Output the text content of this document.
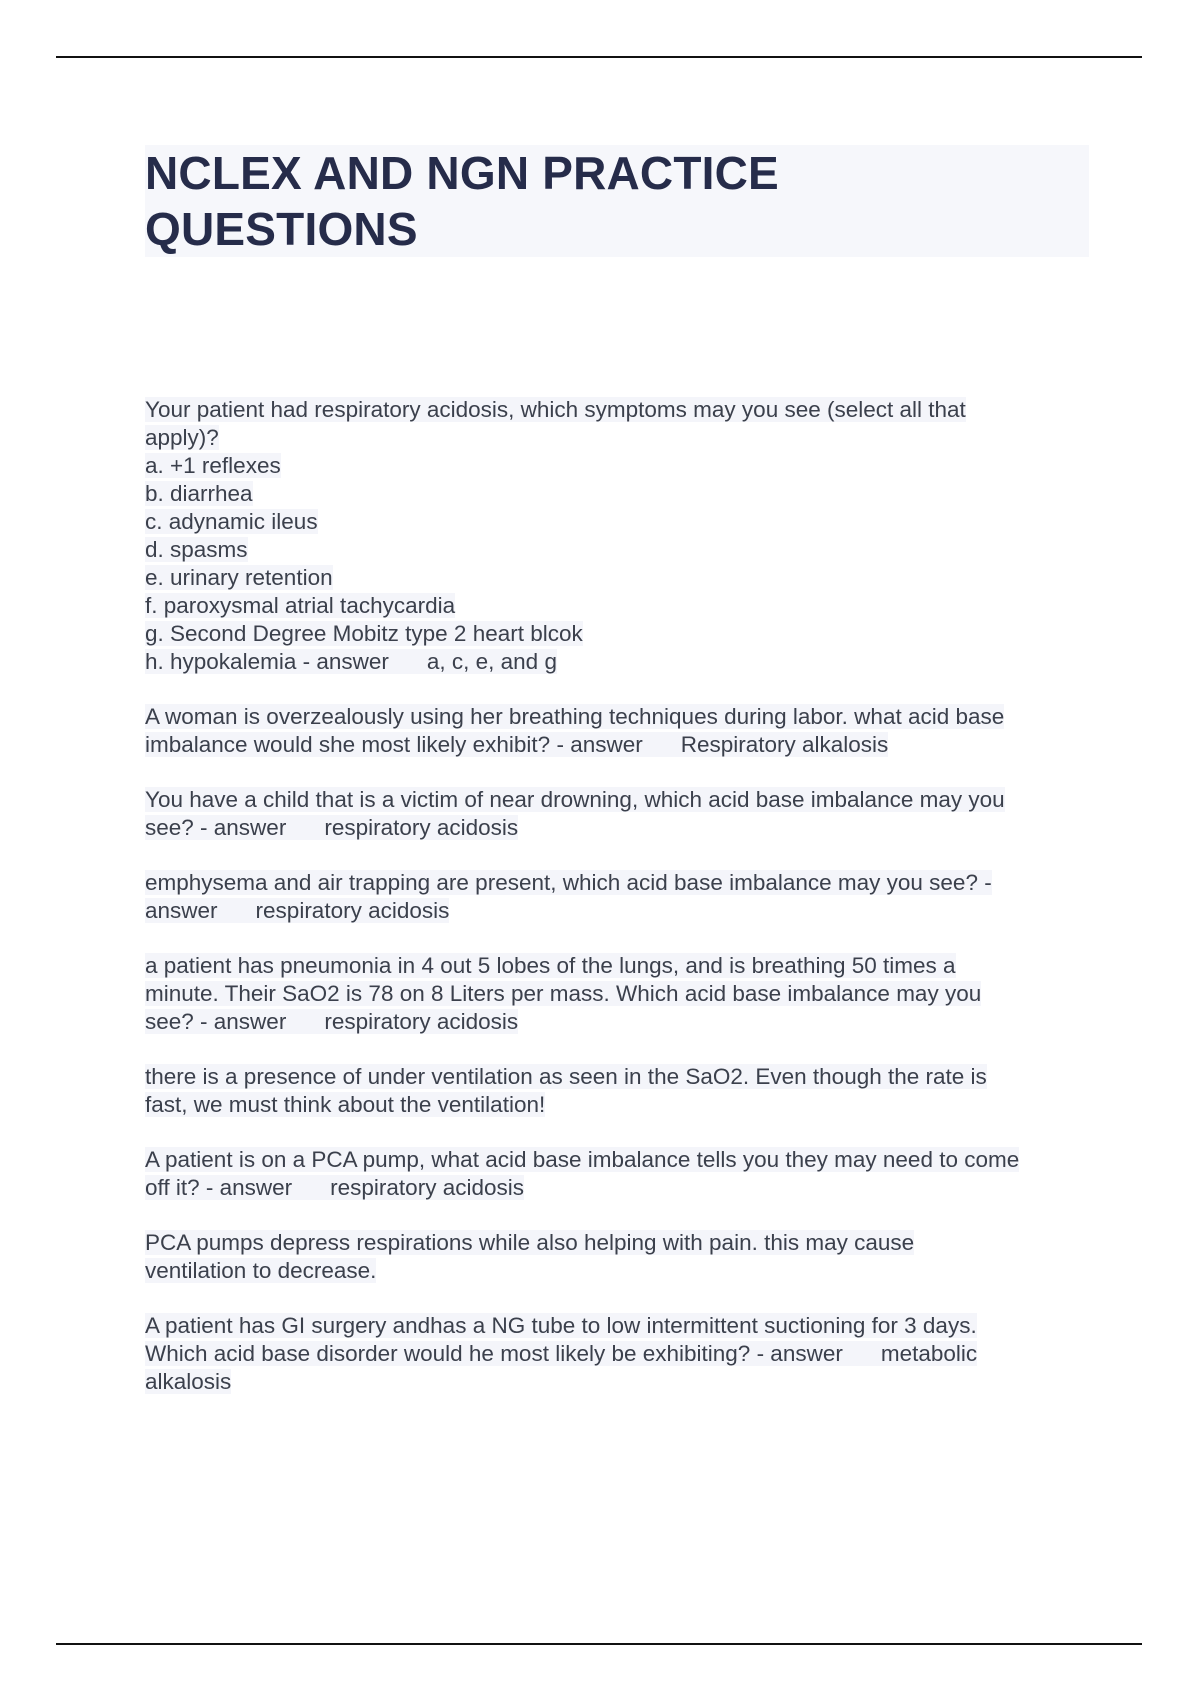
NCLEX AND NGN PRACTICE
QUESTIONS
Your patient had respiratory acidosis, which symptoms may you see (select all that
apply)?
a. +1 reflexes
b. diarrhea
c. adynamic ileus
d. spasms
e. urinary retention
f. paroxysmal atrial tachycardia
g. Second Degree Mobitz type 2 heart blcok
h. hypokalemia - answer a, c, e, and g
A woman is overzealously using her breathing techniques during labor. what acid base
imbalance would she most likely exhibit? - answer Respiratory alkalosis
You have a child that is a victim of near drowning, which acid base imbalance may you
see? - answer respiratory acidosis
emphysema and air trapping are present, which acid base imbalance may you see? -
answer respiratory acidosis
a patient has pneumonia in 4 out 5 lobes of the lungs, and is breathing 50 times a
minute. Their SaO2 is 78 on 8 Liters per mass. Which acid base imbalance may you
see? - answer respiratory acidosis
there is a presence of under ventilation as seen in the SaO2. Even though the rate is
fast, we must think about the ventilation!
A patient is on a PCA pump, what acid base imbalance tells you they may need to come
off it? - answer respiratory acidosis
PCA pumps depress respirations while also helping with pain. this may cause
ventilation to decrease.
A patient has GI surgery andhas a NG tube to low intermittent suctioning for 3 days.
Which acid base disorder would he most likely be exhibiting? - answer metabolic
alkalosis
